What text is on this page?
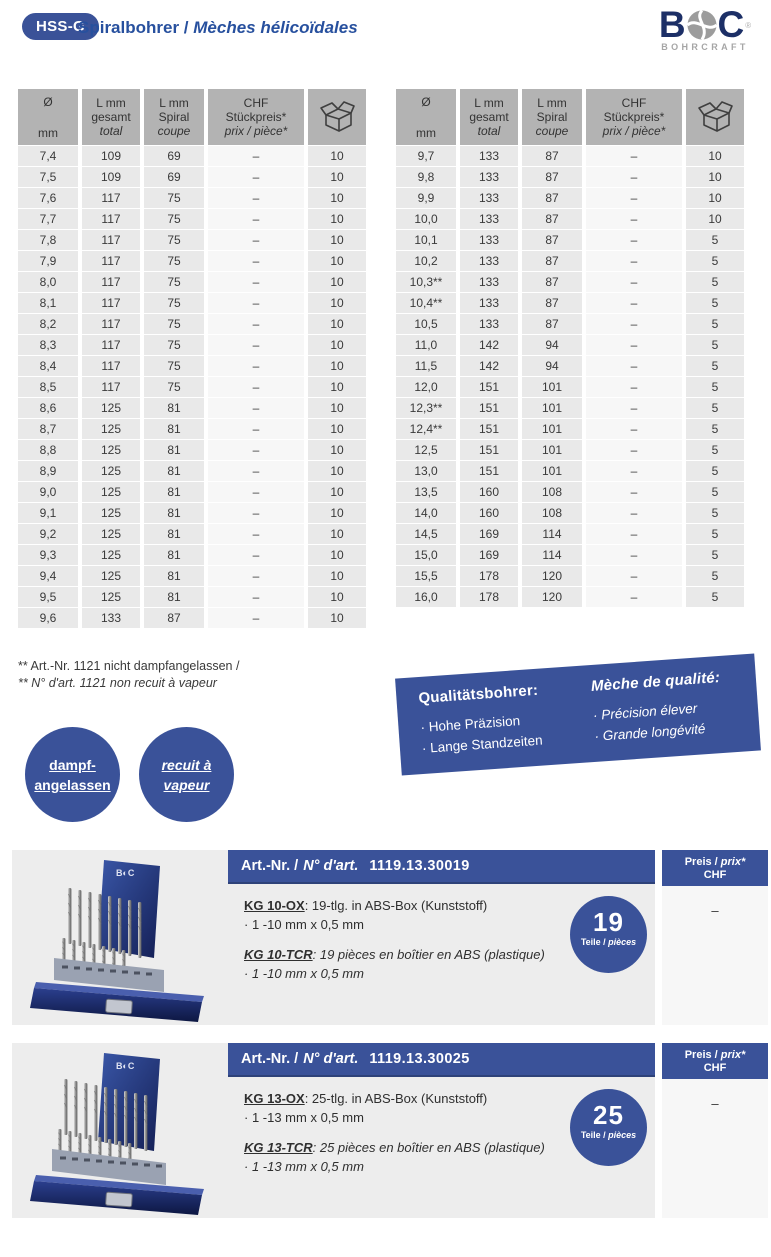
HSS-G
Spiralbohrer / Mèches hélicoïdales	B C ®
BOHRCRAFT
Ø
mm	L mm
gesamt
total	L mm
Spiral
coupe	CHF
Stückpreis*
prix / pièce*

7,4	109	69	–	10
7,5	109	69	–	10
7,6	117	75	–	10
7,7	117	75	–	10
7,8	117	75	–	10
7,9	117	75	–	10
8,0	117	75	–	10
8,1	117	75	–	10
8,2	117	75	–	10
8,3	117	75	–	10
8,4	117	75	–	10
8,5	117	75	–	10
8,6	125	81	–	10
8,7	125	81	–	10
8,8	125	81	–	10
8,9	125	81	–	10
9,0	125	81	–	10
9,1	125	81	–	10
9,2	125	81	–	10
9,3	125	81	–	10
9,4	125	81	–	10
9,5	125	81	–	10
9,6	133	87	–	10
Ø
mm	L mm
gesamt
total	L mm
Spiral
coupe	CHF
Stückpreis*
prix / pièce*

9,7	133	87	–	10
9,8	133	87	–	10
9,9	133	87	–	10
10,0	133	87	–	10
10,1	133	87	–	5
10,2	133	87	–	5
10,3**	133	87	–	5
10,4**	133	87	–	5
10,5	133	87	–	5
11,0	142	94	–	5
11,5	142	94	–	5
12,0	151	101	–	5
12,3**	151	101	–	5
12,4**	151	101	–	5
12,5	151	101	–	5
13,0	151	101	–	5
13,5	160	108	–	5
14,0	160	108	–	5
14,5	169	114	–	5
15,0	169	114	–	5
15,5	178	120	–	5
16,0	178	120	–	5
** Art.-Nr. 1121 nicht dampfangelassen /
** N° d'art. 1121 non recuit à vapeur	Qualitätsbohrer:
· Hohe Präzision
· Lange Standzeiten
Mèche de qualité:
· Précision élever
· Grande longévité
dampf-
angelassen
recuit à
vapeur
B◐C	Art.-Nr. / N° d'art. 1119.13.30019
KG 10-OX: 19-tlg. in ABS-Box (Kunststoff)
· 1 -10 mm x 0,5 mm
KG 10-TCR: 19 pièces en boîtier en ABS (plastique)
· 1 -10 mm x 0,5 mm
19
Teile / pièces
Preis / prix*
CHF
–
B◐C	Art.-Nr. / N° d'art. 1119.13.30025
KG 13-OX: 25-tlg. in ABS-Box (Kunststoff)
· 1 -13 mm x 0,5 mm
KG 13-TCR: 25 pièces en boîtier en ABS (plastique)
· 1 -13 mm x 0,5 mm
25
Teile / pièces
Preis / prix*
CHF
–
